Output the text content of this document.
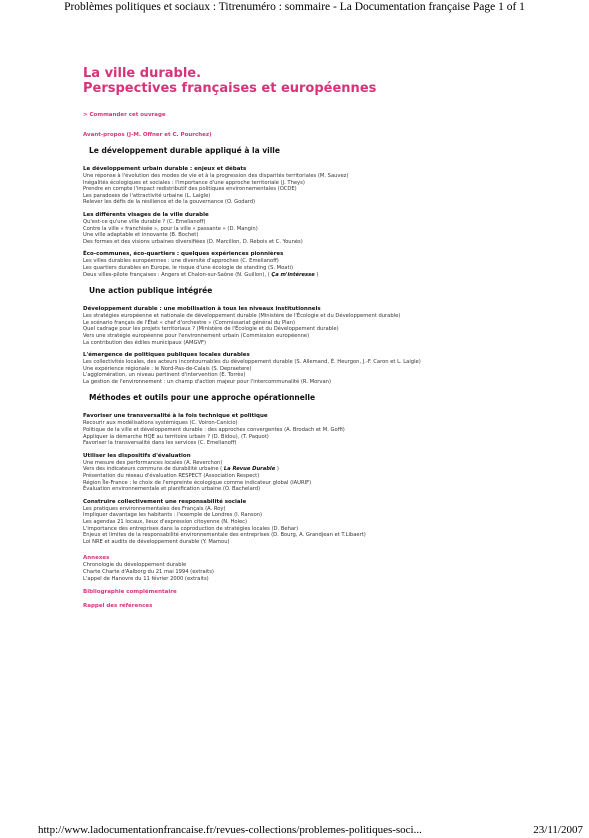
Problèmes politiques et sociaux : Titrenuméro : sommaire - La Documentation française Page 1 of 1
La ville durable.
Perspectives françaises et européennes
> Commander cet ouvrage
Avant-propos (J-M. Offner et C. Pourchez)
Le développement durable appliqué à la ville
Le développement urbain durable : enjeux et débats
Une réponse à l'évolution des modes de vie et à la progression des disparités territoriales (M. Sauvez)
Inégalités écologiques et sociales : l'importance d'une approche territoriale (J. Theys)
Prendre en compte l'impact redistributif des politiques environnementales (OCDE)
Les paradoxes de l'attractivité urbaine (L. Laigle)
Relever les défis de la résilience et de la gouvernance (O. Godard)
Les différents visages de la ville durable
Qu'est-ce qu'une ville durable ? (C. Emelianoff)
Contre la ville « franchisée », pour la ville « passante » (D. Mangin)
Une ville adaptable et innovante (B. Bochet)
Des formes et des visions urbaines diversifiées (D. Marcillon, D. Rebois et C. Younès)
Éco-communes, éco-quartiers : quelques expériences pionnières
Les villes durables européennes : une diversité d'approches (C. Emelianoff)
Les quartiers durables en Europe, le risque d'une écologie de standing (S. Moati)
Deux villes-pilote françaises : Angers et Chalon-sur-Saône (N. Guillon), ( Ça m'intéresse )
Une action publique intégrée
Développement durable : une mobilisation à tous les niveaux institutionnels
Les stratégies européenne et nationale de développement durable (Ministère de l'Écologie et du Développement durable)
Le scénario français de l'État « chef d'orchestre » (Commissariat général du Plan)
Quel cadrage pour les projets territoriaux ? (Ministère de l'Écologie et du Développement durable)
Vers une stratégie européenne pour l'environnement urbain (Commission européenne)
La contribution des édiles municipaux (AMGVF)
L'émergence de politiques publiques locales durables
Les collectivités locales, des acteurs incontournables du développement durable (S. Allemand, É. Heurgon, J.-F. Caron et L. Laigle)
Une expérience régionale : le Nord-Pas-de-Calais (S. Depraetere)
L'agglomération, un niveau pertinent d'intervention (E. Torrès)
La gestion de l'environnement : un champ d'action majeur pour l'intercommunalité (R. Morvan)
Méthodes et outils pour une approche opérationnelle
Favoriser une transversalité à la fois technique et politique
Recourir aux modélisations systémiques (C. Voiron-Canicio)
Politique de la ville et développement durable : des approches convergentes (A. Brodach et M. Goffi)
Appliquer la démarche HQE au territoire urbain ? (D. Bidou), (T. Paquot)
Favoriser la transversalité dans les services (C. Emelianoff)
Utiliser les dispositifs d'évaluation
Une mesure des performances locales (A. Reverchon)
Vers des indicateurs communs de durabilité urbaine ( La Revue Durable )
Présentation du réseau d'évaluation RESPECT (Association Respect)
Région Île-France : le choix de l'empreinte écologique comme indicateur global (IAURIF)
Évaluation environnementale et planification urbaine (O. Bachelard)
Construire collectivement une responsabilité sociale
Les pratiques environnementales des Français (A. Roy)
Impliquer davantage les habitants : l'exemple de Londres (I. Ranson)
Les agendas 21 locaux, lieux d'expression citoyenne (N. Holec)
L'importance des entreprises dans la coproduction de stratégies locales (D. Behar)
Enjeux et limites de la responsabilité environnementale des entreprises (D. Bourg, A. Grandjean et T.Libaert)
Loi NRE et audits de développement durable (Y. Mamou)
Annexes
Chronologie du développement durable
Charte Charte d'Aalborg du 21 mai 1994 (extraits)
L'appel de Hanovre du 11 février 2000 (extraits)
Bibliographie complémentaire
Rappel des références
http://www.ladocumentationfrancaise.fr/revues-collections/problemes-politiques-soci...	23/11/2007
